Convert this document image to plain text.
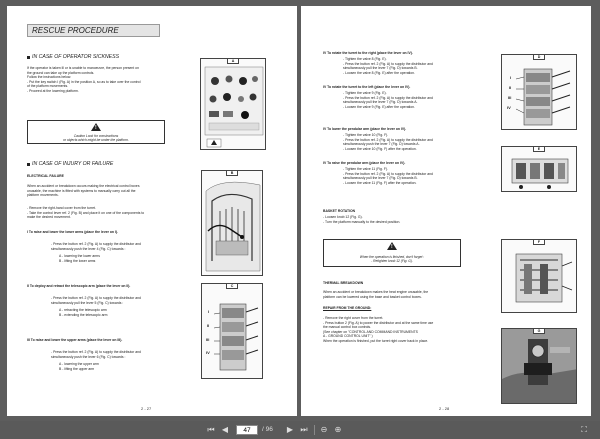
RESCUE PROCEDURE
IN CASE OF OPERATOR SICKNESS
If the operator is taken ill or is unable to manoeuvre, the person present on
the ground can take up the platform controls.
Follow the instructions below.
- Put the key switch I (Fig. A) in the position A, so as to take over the control
of the platform movements.
- Proceed at the lowering platform.
!
Caution Look for constructions
or objects which might be under the platform.
IN CASE OF INJURY OR FAILURE
ELECTRICAL FAILURE
When an accident or breakdown occurs making the electrical control boxes
unusable, the machine is fitted with systems to manually carry out all the
platform movements.
- Remove the right-hand cover from the turret.
- Take the control lever ref. 2 (Fig. B) and place it on one of the components to
make the desired movement.
I To raise and lower the lower arms (place the lever on I).
- Press the button ref. 2 (Fig. A) to supply the distributor and
simultaneously push the lever 4 (Fig. C) towards :
A - lowering the lower arms
B - lifting the lower arms
II To deploy and retract the telescopic arm (place the lever on II).
- Press the button ref. 2 (Fig. A) to supply the distributor and
simultaneously pull the lever 5 (Fig. C) towards :
A - retracting the telescopic arm
B - extending the telescopic arm
III To raise and lower the upper arms (place the lever on III).
- Press the button ref. 2 (Fig. A) to supply the distributor and
simultaneously push the lever 6 (Fig. C) towards :
A - lowering the upper arm
B - lifting the upper arm
A
B
I
II
III
IV
C
2 - 27
IV To rotate the turret to the right (place the lever on IV).
- Tighten the valve 8 (Fig. E).
- Press the button ref. 2 (Fig. A) to supply the distributor and
simultaneously pull the lever 7 (Fig. D) towards B.
- Loosen the valve 8 (Fig. E) after the operation.
IV To rotate the turret to the left (place the lever on IV).
- Tighten the valve 9 (Fig. E).
- Press the button ref. 2 (Fig. A) to supply the distributor and
simultaneously pull the lever 7 (Fig. D) towards A.
- Loosen the valve 9 (Fig. E) after the operation.
IV To lower the pendular arm (place the lever on IV).
- Tighten the valve 10 (Fig. F).
- Press the button ref. 2 (Fig. A) to supply the distributor and
simultaneously push the lever 7 (Fig. D) towards A.
- Loosen the valve 10 (Fig. F) after the operation.
IV To raise the pendular arm (place the lever on IV).
- Tighten the valve 11 (Fig. F).
- Press the button ref. 2 (Fig. A) to supply the distributor and
simultaneously pull the lever 7 (Fig. D) towards B.
- Loosen the valve 11 (Fig. F) after the operation.
BASKET ROTATION
- Loosen knob 12 (Fig. G).
- Turn the platform manually to the desired position.
!
When the operation is finished, don't forget :
- Retighten knob 12 (Fig. G).
THERMAL BREAKDOWN
When an accident or breakdown makes the heat engine unusable, the
platform can be lowered using the base and basket control boxes.
REPAIR FROM THE GROUND:
- Remove the right cover from the turret.
- Press button 2 (Fig. A) to power the distributor and at the same time use
the manual control box controls.
(See chapter on "CONTROL AND COMMAND INSTRUMENTS
A - GROUND CONTROL UNIT" )
When the operation is finished, put the turret right cover back in place.
I
II
III
IV
D
E
F
G
2 - 28
⏮ ◀	47	/ 96	▶ ⏭	⊖ ⊕	⛶
